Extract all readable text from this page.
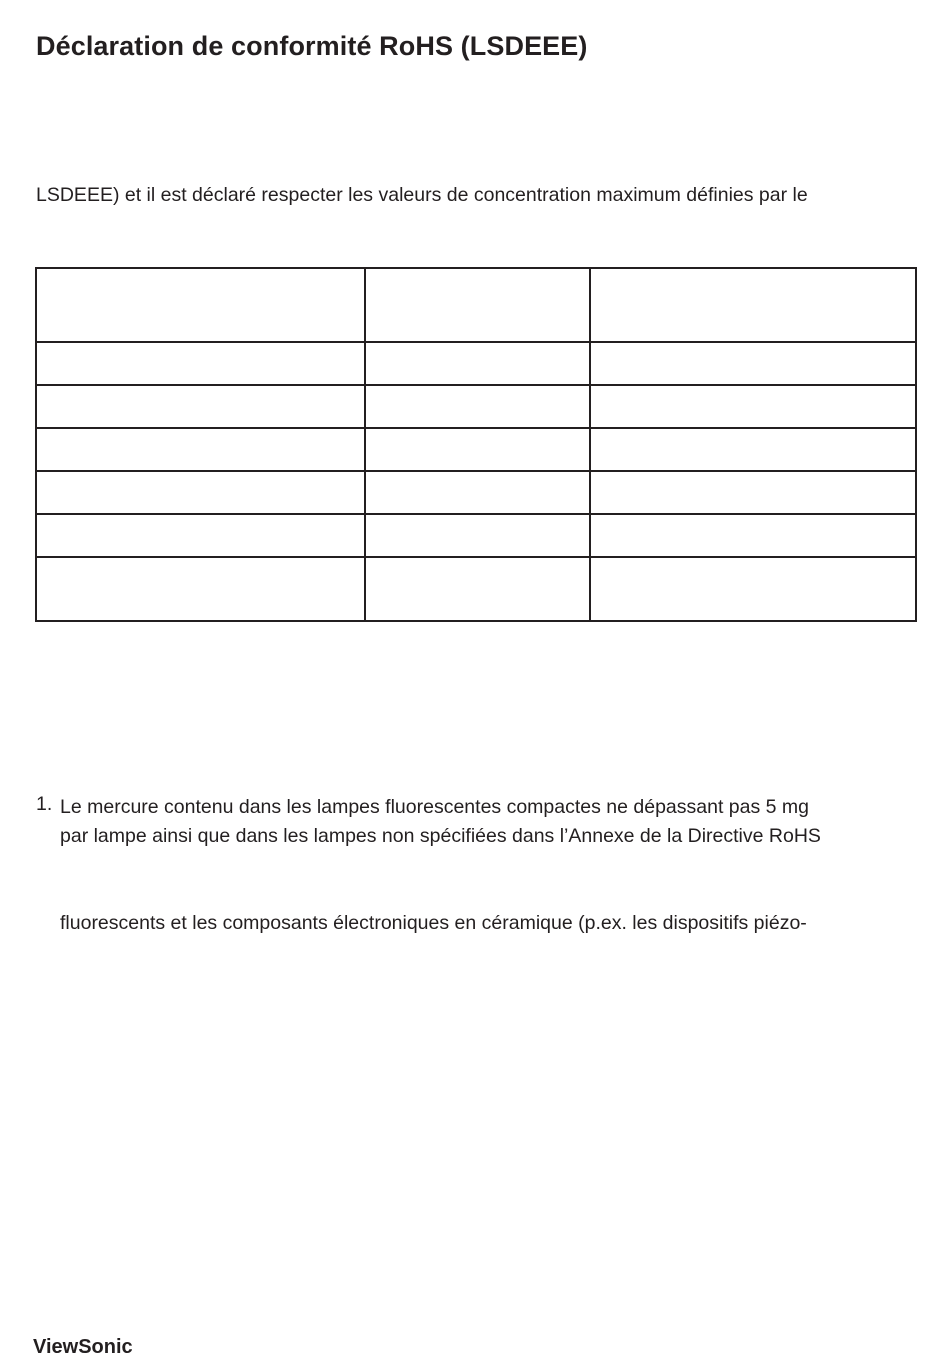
Déclaration de conformité RoHS (LSDEEE)

LSDEEE) et il est déclaré respecter les valeurs de concentration maximum définies par le

1. Le mercure contenu dans les lampes fluorescentes compactes ne dépassant pas 5 mg
par lampe ainsi que dans les lampes non spécifiées dans l’Annexe de la Directive RoHS
fluorescents et les composants électroniques en céramique (p.ex. les dispositifs piézo-
ViewSonic
